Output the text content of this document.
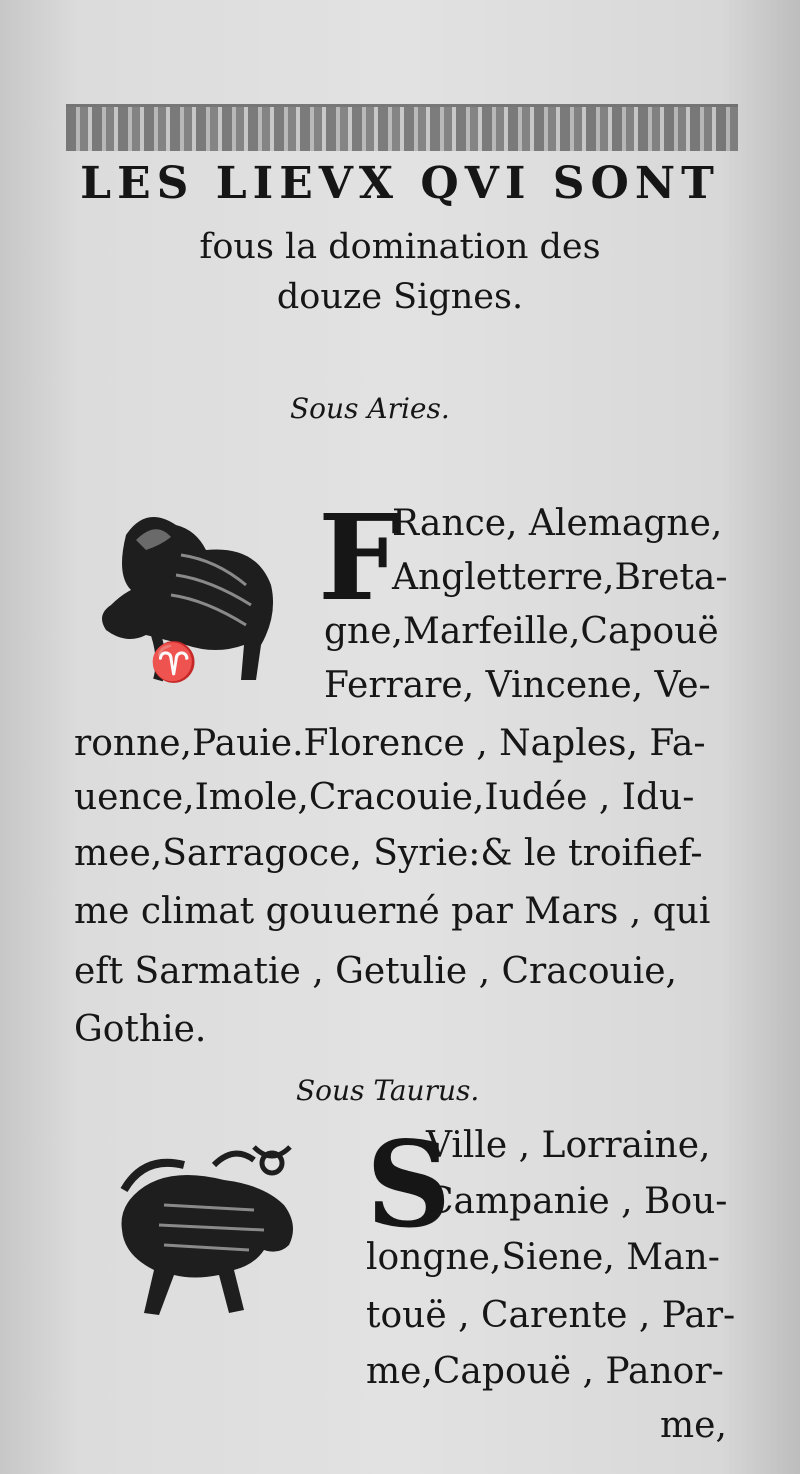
LES LIEVX QVI SONT
fous la domination des
douze Signes.
Sous Aries.
♈
F
Rance, Alemagne,
Angletterre,Bretа-
gne,Marfeille,Capouë
Ferrare, Vincene, Ve-
ronne,Pauie.Florence , Naples, Fa-
uence,Imole,Cracouie,Iudée , Idu-
mee,Sarragoce, Syrie:& le troifief-
me climat gouuerné par Mars , qui
eft Sarmatie , Getulie , Cracouie,
Gothie.
Sous Taurus.
S
Ville , Lorraine,
Campanie , Bou-
longne,Siene, Man-
touë , Carente , Par-
me,Capouë , Panor-
me,
